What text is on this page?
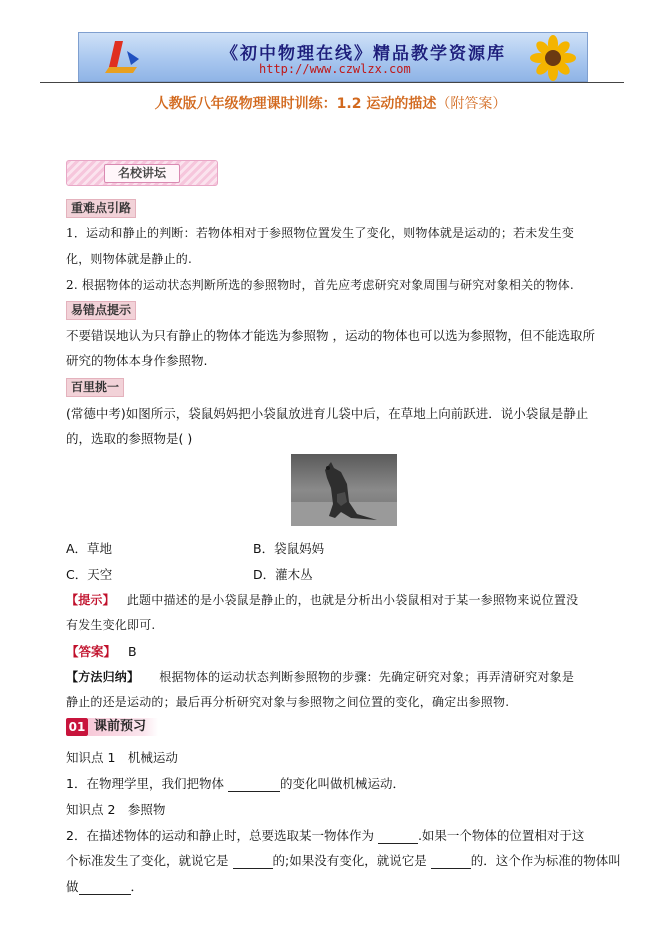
《初中物理在线》精品教学资源库
http://www.czwlzx.com
人教版八年级物理课时训练：1.2 运动的描述（附答案）
名校讲坛
重难点引路
1．运动和静止的判断：若物体相对于参照物位置发生了变化，则物体就是运动的；若未发生变
化，则物体就是静止的.
2. 根据物体的运动状态判断所选的参照物时，首先应考虑研究对象周围与研究对象相关的物体.
易错点提示
不要错误地认为只有静止的物体才能选为参照物 ，运动的物体也可以选为参照物，但不能选取所
研究的物体本身作参照物.
百里挑一
(常德中考)如图所示，袋鼠妈妈把小袋鼠放进育儿袋中后，在草地上向前跃进．说小袋鼠是静止
的，选取的参照物是( )
A．草地	B．袋鼠妈妈
C．天空	D．灌木丛
【提示】 此题中描述的是小袋鼠是静止的，也就是分析出小袋鼠相对于某一参照物来说位置没
有发生变化即可.
【答案】 B
【方法归纳】 根据物体的运动状态判断参照物的步骤：先确定研究对象；再弄清研究对象是
静止的还是运动的；最后再分析研究对象与参照物之间位置的变化，确定出参照物.
01 课前预习
知识点 1　机械运动
1．在物理学里，我们把物体	的变化叫做机械运动．
知识点 2　参照物
2．在描述物体的运动和静止时，总要选取某一物体作为	.如果一个物体的位置相对于这
个标准发生了变化，就说它是	的;如果没有变化，就说它是	的．这个作为标准的物体叫
做	．
